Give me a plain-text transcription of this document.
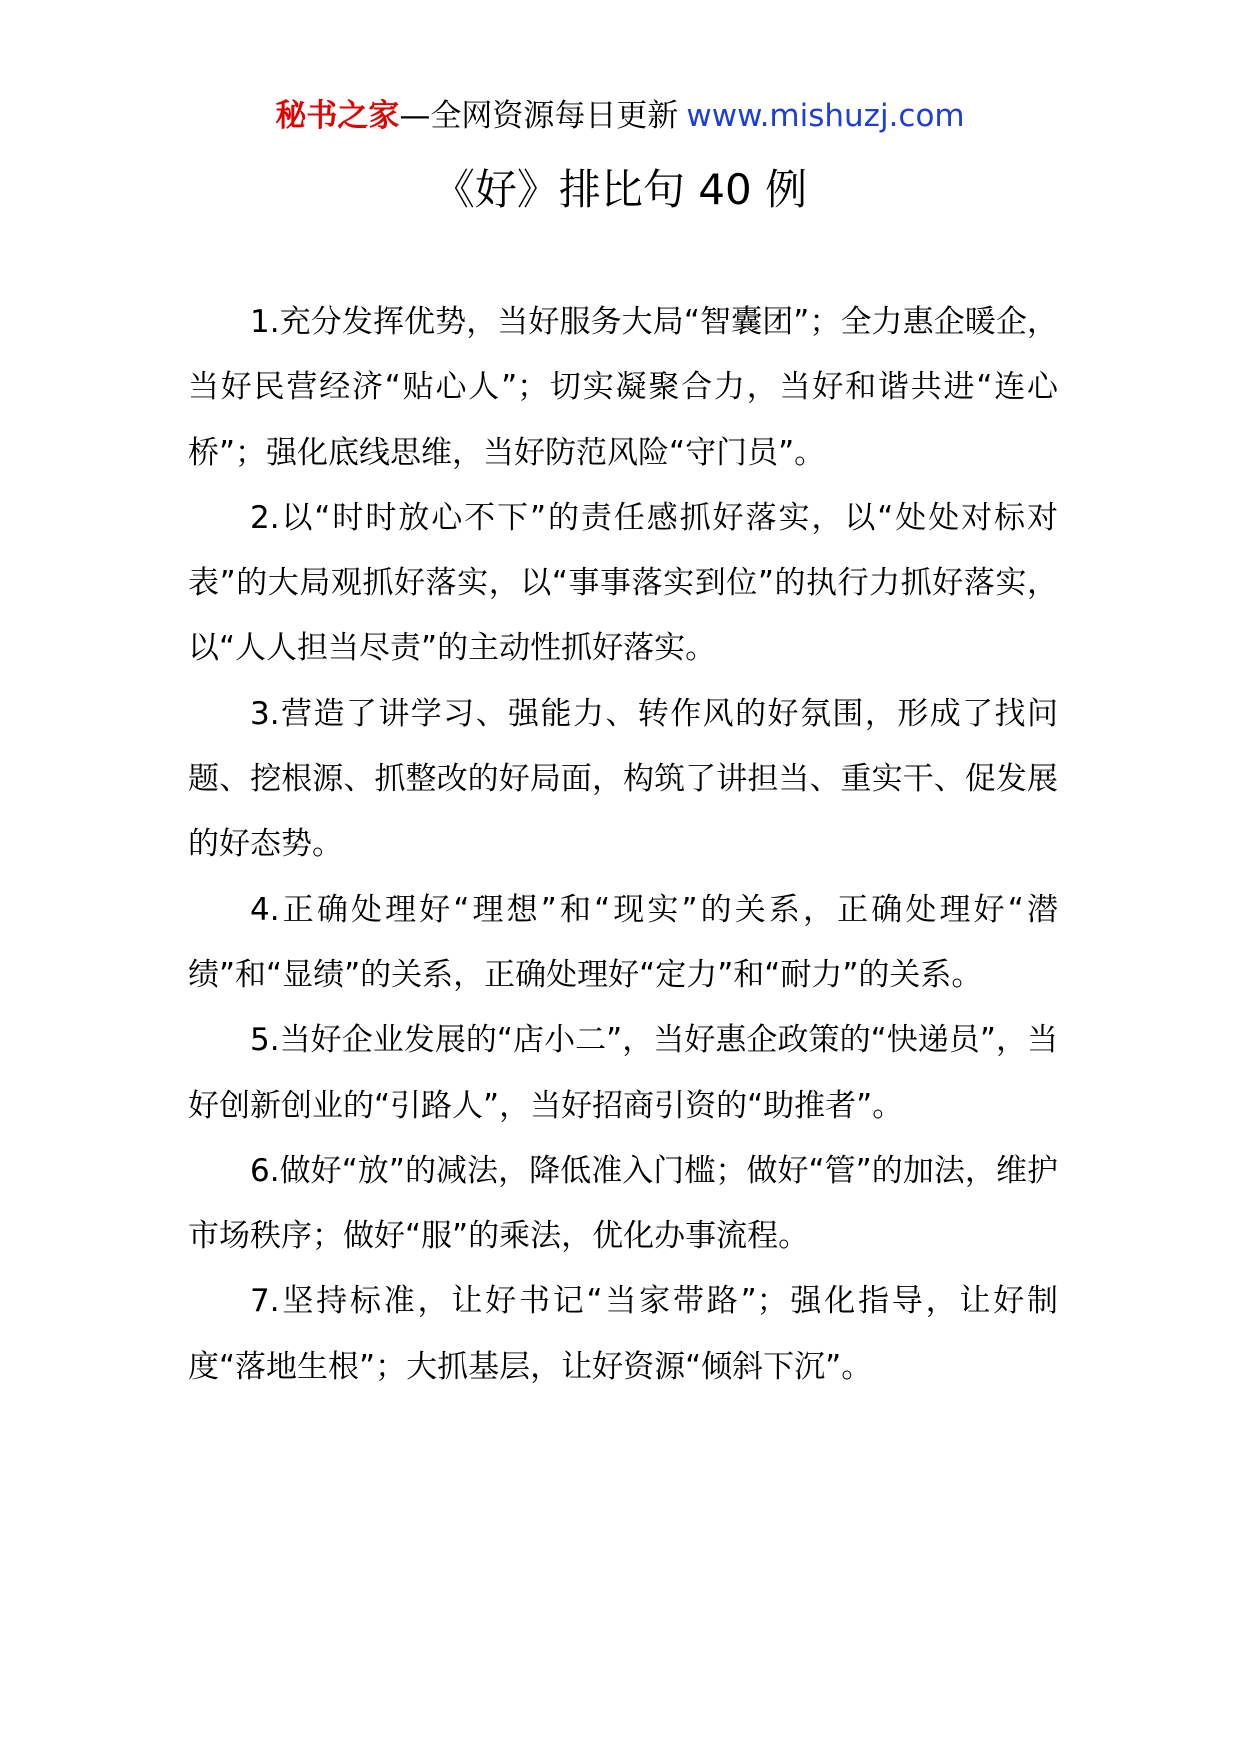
秘书之家—全网资源每日更新 www.mishuzj.com
《好》排比句 40 例

1.充分发挥优势，当好服务大局“智囊团”；全力惠企暖企，当好民营经济“贴心人”；切实凝聚合力，当好和谐共进“连心桥”；强化底线思维，当好防范风险“守门员”。

2.以“时时放心不下”的责任感抓好落实，以“处处对标对表”的大局观抓好落实，以“事事落实到位”的执行力抓好落实，以“人人担当尽责”的主动性抓好落实。

3.营造了讲学习、强能力、转作风的好氛围，形成了找问题、挖根源、抓整改的好局面，构筑了讲担当、重实干、促发展的好态势。

4.正确处理好“理想”和“现实”的关系，正确处理好“潜绩”和“显绩”的关系，正确处理好“定力”和“耐力”的关系。

5.当好企业发展的“店小二”，当好惠企政策的“快递员”，当好创新创业的“引路人”，当好招商引资的“助推者”。

6.做好“放”的减法，降低准入门槛；做好“管”的加法，维护市场秩序；做好“服”的乘法，优化办事流程。

7.坚持标准，让好书记“当家带路”；强化指导，让好制度“落地生根”；大抓基层，让好资源“倾斜下沉”。
